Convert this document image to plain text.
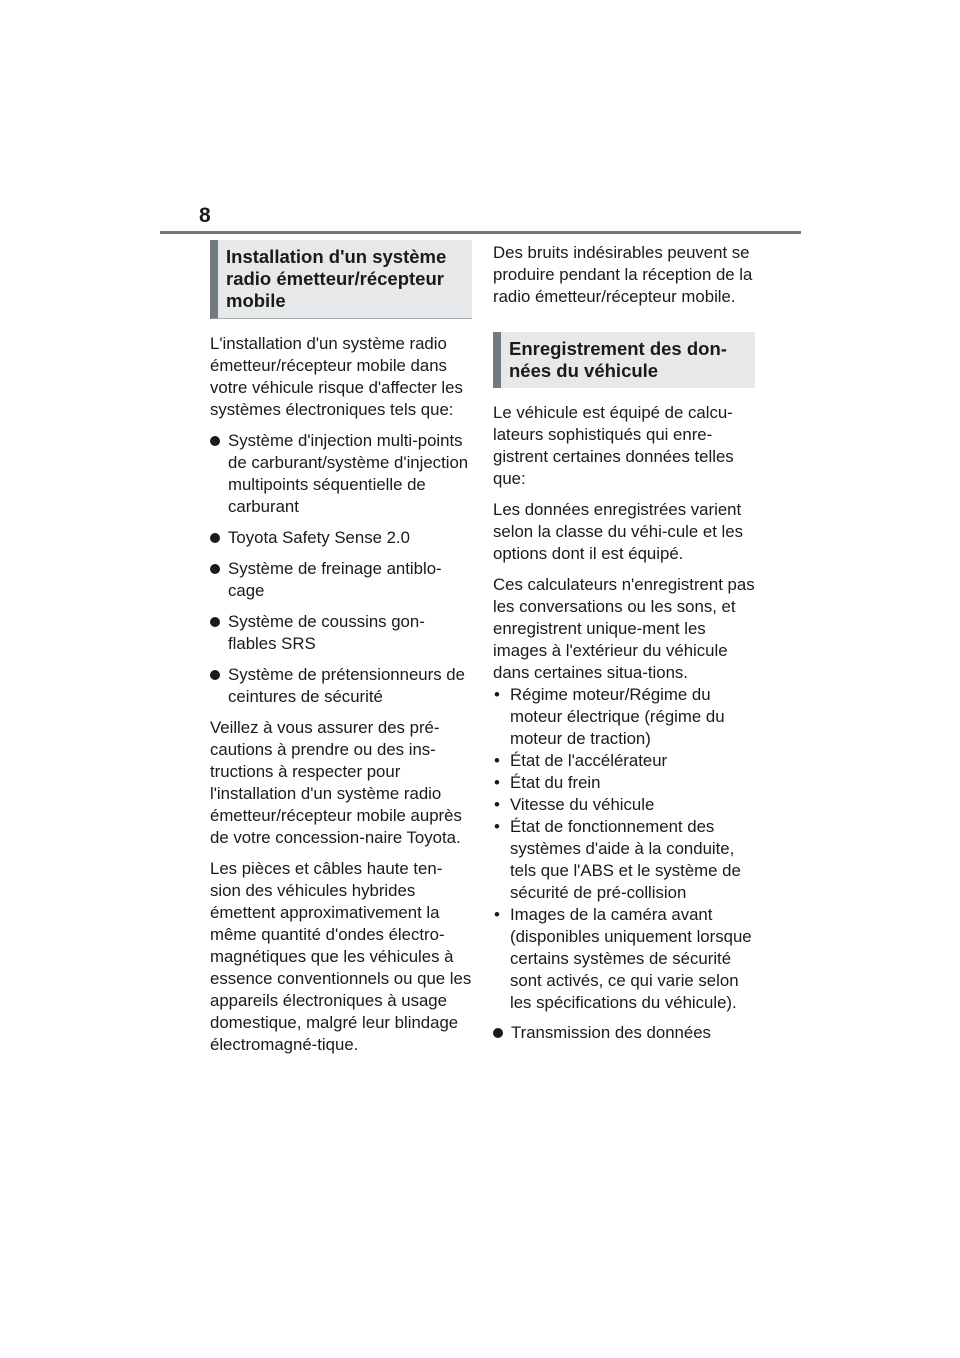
8
Installation d'un système radio émetteur/récepteur mobile

L'installation d'un système radio émetteur/récepteur mobile dans votre véhicule risque d'affecter les systèmes électroniques tels que:

Système d'injection multi-points de carburant/système d'injection multipoints séquentielle de carburant
Toyota Safety Sense 2.0
Système de freinage antiblo-cage
Système de coussins gon-flables SRS
Système de prétensionneurs de ceintures de sécurité

Veillez à vous assurer des pré-cautions à prendre ou des ins-tructions à respecter pour l'installation d'un système radio émetteur/récepteur mobile auprès de votre concession-naire Toyota.

Les pièces et câbles haute ten-sion des véhicules hybrides émettent approximativement la même quantité d'ondes électro-magnétiques que les véhicules à essence conventionnels ou que les appareils électroniques à usage domestique, malgré leur blindage électromagné-tique.

Des bruits indésirables peuvent se produire pendant la réception de la radio émetteur/récepteur mobile.

Enregistrement des don-nées du véhicule

Le véhicule est équipé de calcu-lateurs sophistiqués qui enre-gistrent certaines données telles que:

Les données enregistrées varient selon la classe du véhi-cule et les options dont il est équipé.

Ces calculateurs n'enregistrent pas les conversations ou les sons, et enregistrent unique-ment les images à l'extérieur du véhicule dans certaines situa-tions.

• Régime moteur/Régime du moteur électrique (régime du moteur de traction)
• État de l'accélérateur
• État du frein
• Vitesse du véhicule
• État de fonctionnement des systèmes d'aide à la conduite, tels que l'ABS et le système de sécurité de pré-collision
• Images de la caméra avant (disponibles uniquement lorsque certains systèmes de sécurité sont activés, ce qui varie selon les spécifications du véhicule).
Transmission des données
